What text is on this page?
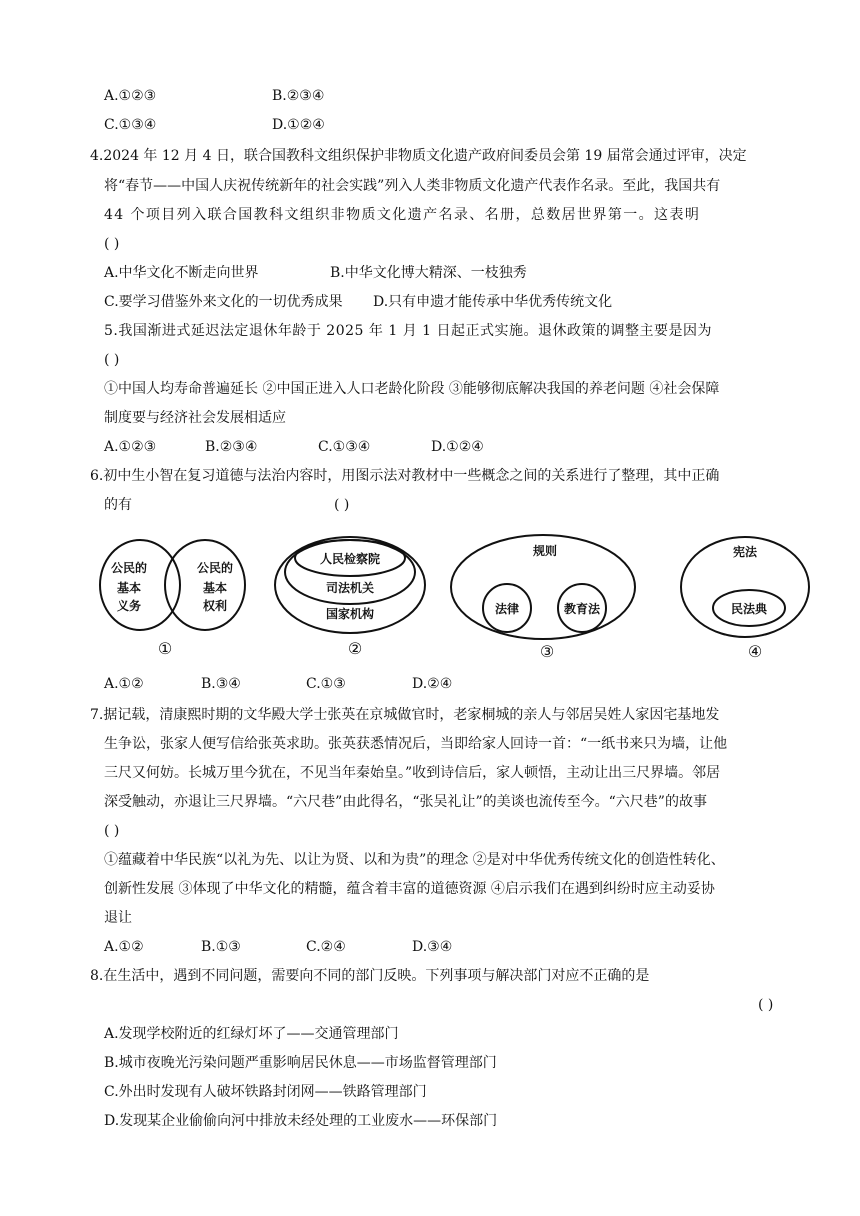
A.①②③	B.②③④
C.①③④	D.①②④
4.2024 年 12 月 4 日，联合国教科文组织保护非物质文化遗产政府间委员会第 19 届常会通过评审，决定
将“春节——中国人庆祝传统新年的社会实践”列入人类非物质文化遗产代表作名录。至此，我国共有
44 个项目列入联合国教科文组织非物质文化遗产名录、名册，总数居世界第一。这表明
( )
A.中华文化不断走向世界	B.中华文化博大精深、一枝独秀
C.要学习借鉴外来文化的一切优秀成果 D.只有申遗才能传承中华优秀传统文化
5.我国渐进式延迟法定退休年龄于 2025 年 1 月 1 日起正式实施。退休政策的调整主要是因为
( )
①中国人均寿命普遍延长 ②中国正进入人口老龄化阶段 ③能够彻底解决我国的养老问题 ④社会保障
制度要与经济社会发展相适应
A.①②③	B.②③④	C.①③④	D.①②④
6.初中生小智在复习道德与法治内容时，用图示法对教材中一些概念之间的关系进行了整理，其中正确
的有	( )
公民的
基本
义务
公民的
基本
权利
①
人民检察院
司法机关
国家机构
②
规则
法律	教育法
③
宪法
民法典
④
A.①②	B.③④	C.①③	D.②④
7.据记载，清康熙时期的文华殿大学士张英在京城做官时，老家桐城的亲人与邻居吴姓人家因宅基地发
生争讼，张家人便写信给张英求助。张英获悉情况后，当即给家人回诗一首：“一纸书来只为墙，让他
三尺又何妨。长城万里今犹在，不见当年秦始皇。”收到诗信后，家人顿悟，主动让出三尺界墙。邻居
深受触动，亦退让三尺界墙。“六尺巷”由此得名，“张吴礼让”的美谈也流传至今。“六尺巷”的故事
( )
①蕴藏着中华民族“以礼为先、以让为贤、以和为贵”的理念 ②是对中华优秀传统文化的创造性转化、
创新性发展 ③体现了中华文化的精髓，蕴含着丰富的道德资源 ④启示我们在遇到纠纷时应主动妥协
退让
A.①②	B.①③	C.②④	D.③④
8.在生活中，遇到不同问题，需要向不同的部门反映。下列事项与解决部门对应不正确的是
( )
A.发现学校附近的红绿灯坏了——交通管理部门
B.城市夜晚光污染问题严重影响居民休息——市场监督管理部门
C.外出时发现有人破坏铁路封闭网——铁路管理部门
D.发现某企业偷偷向河中排放未经处理的工业废水——环保部门
